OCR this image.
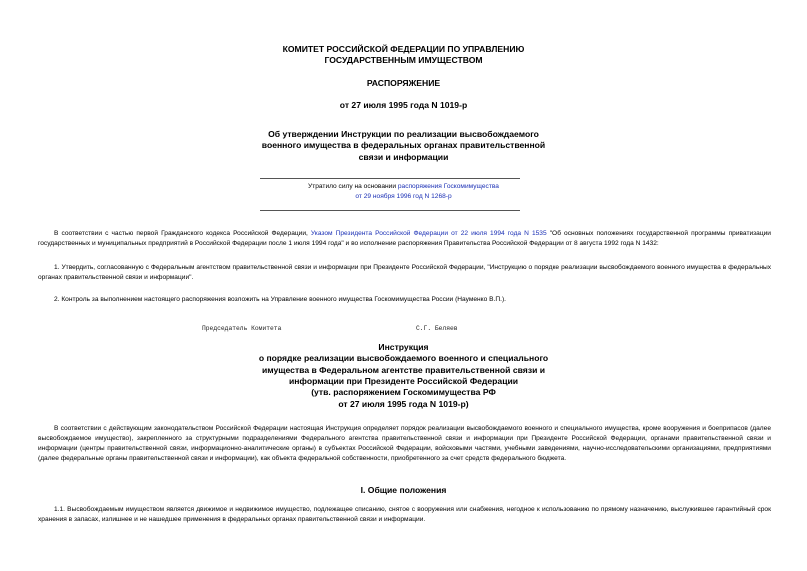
КОМИТЕТ РОССИЙСКОЙ ФЕДЕРАЦИИ ПО УПРАВЛЕНИЮ
ГОСУДАРСТВЕННЫМ ИМУЩЕСТВОМ
РАСПОРЯЖЕНИЕ
от 27 июля 1995 года N 1019-р
Об утверждении Инструкции по реализации высвобождаемого
военного имущества в федеральных органах правительственной
связи и информации
Утратило силу на основании распоряжения Госкомимущества
от 29 ноября 1996 год N 1268-р
В соответствии с частью первой Гражданского кодекса Российской Федерации, Указом Президента Российской Федерации от 22 июля 1994 года N 1535 "Об основных положениях государственной программы приватизации государственных и муниципальных предприятий в Российской Федерации после 1 июля 1994 года" и во исполнение распоряжения Правительства Российской Федерации от 8 августа 1992 года N 1432:
1. Утвердить, согласованную с Федеральным агентством правительственной связи и информации при Президенте Российской Федерации, "Инструкцию о порядке реализации высвобождаемого военного имущества в федеральных органах правительственной связи и информации".
2. Контроль за выполнением настоящего распоряжения возложить на Управление военного имущества Госкомимущества России (Науменко В.П.).
Председатель Комитета	С.Г. Беляев
Инструкция
о порядке реализации высвобождаемого военного и специального
имущества в Федеральном агентстве правительственной связи и
информации при Президенте Российской Федерации
(утв. распоряжением Госкомимущества РФ
от 27 июля 1995 года N 1019-р)
В соответствии с действующим законодательством Российской Федерации настоящая Инструкция определяет порядок реализации высвобождаемого военного и специального имущества, кроме вооружения и боеприпасов (далее высвобождаемое имущество), закрепленного за структурными подразделениями Федерального агентства правительственной связи и информации при Президенте Российской Федерации, органами правительственной связи и информации (центры правительственной связи, информационно-аналитические органы) в субъектах Российской Федерации, войсковыми частями, учебными заведениями, научно-исследовательскими организациями, предприятиями (далее федеральные органы правительственной связи и информации), как объекта федеральной собственности, приобретенного за счет средств федерального бюджета.
I. Общие положения
1.1. Высвобождаемым имуществом является движимое и недвижимое имущество, подлежащее списанию, снятое с вооружения или снабжения, негодное к использованию по прямому назначению, выслужившее гарантийный срок хранения в запасах, излишнее и не нашедшее применения в федеральных органах правительственной связи и информации.
